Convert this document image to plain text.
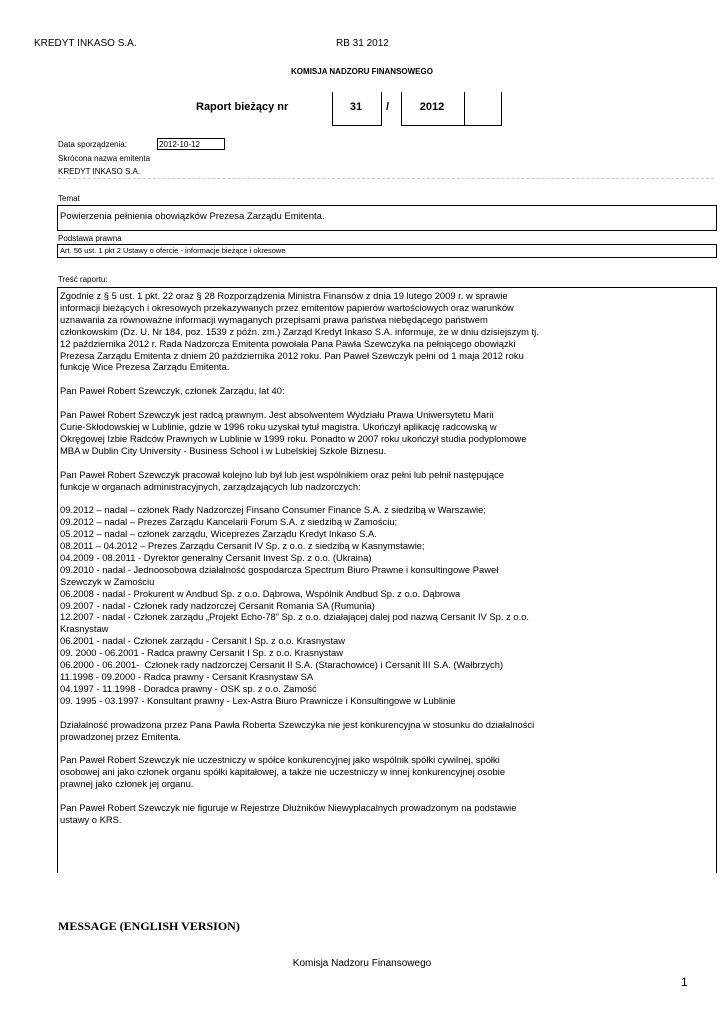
KREDYT INKASO S.A.	RB 31 2012
KOMISJA NADZORU FINANSOWEGO
Raport bieżący nr	31	/	2012
Data sporządzenia:	2012-10-12
Skrócona nazwa emitenta
KREDYT INKASO S.A.
Temat
Powierzenia pełnienia obowiązków Prezesa Zarządu Emitenta.
Podstawa prawna
Art. 56 ust. 1 pkt 2 Ustawy o ofercie - informacje bieżące i okresowe
Treść raportu:
Zgodnie z § 5 ust. 1 pkt. 22 oraz § 28 Rozporządzenia Ministra Finansów z dnia 19 lutego 2009 r. w sprawie
informacji bieżących i okresowych przekazywanych przez emitentów papierów wartościowych oraz warunków
uznawania za równoważne informacji wymaganych przepisami prawa państwa niebędącego państwem
członkowskim (Dz. U. Nr 184, poz. 1539 z późn. zm.) Zarząd Kredyt Inkaso S.A. informuje, że w dniu dzisiejszym tj.
12 października 2012 r. Rada Nadzorcza Emitenta powołała Pana Pawła Szewczyka na pełniącego obowiązki
Prezesa Zarządu Emitenta z dniem 20 października 2012 roku. Pan Paweł Szewczyk pełni od 1 maja 2012 roku
funkcję Wice Prezesa Zarządu Emitenta.

Pan Paweł Robert Szewczyk, członek Zarządu, lat 40:

Pan Paweł Robert Szewczyk jest radcą prawnym. Jest absolwentem Wydziału Prawa Uniwersytetu Marii
Curie-Skłodowskiej w Lublinie, gdzie w 1996 roku uzyskał tytuł magistra. Ukończył aplikację radcowską w
Okręgowej Izbie Radców Prawnych w Lublinie w 1999 roku. Ponadto w 2007 roku ukończył studia podyplomowe
MBA w Dublin City University - Business School i w Lubelskiej Szkole Biznesu.

Pan Paweł Robert Szewczyk pracował kolejno lub był lub jest wspólnikiem oraz pełni lub pełnił następujące
funkcje w organach administracyjnych, zarządzających lub nadzorczych:

09.2012 – nadal – członek Rady Nadzorczej Finsano Consumer Finance S.A. z siedzibą w Warszawie;
09.2012 – nadal – Prezes Zarządu Kancelarii Forum S.A. z siedzibą w Zamościu;
05.2012 – nadal – członek zarządu, Wiceprezes Zarządu Kredyt Inkaso S.A.
08.2011 – 04.2012 – Prezes Zarządu Cersanit IV Sp. z o.o. z siedzibą w Kasnymstawie;
04.2009 - 08.2011 - Dyrektor generalny Cersanit Invest Sp. z o.o. (Ukraina)
09.2010 - nadal - Jednoosobowa działalność gospodarcza Spectrum Biuro Prawne i konsultingowe Paweł
Szewczyk w Zamościu
06.2008 - nadal - Prokurent w Andbud Sp. z o.o. Dąbrowa, Wspólnik Andbud Sp. z o.o. Dąbrowa
09.2007 - nadal - Członek rady nadzorczej Cersanit Romania SA (Rumunia)
12.2007 - nadal - Członek zarządu „Projekt Echo-78” Sp. z o.o. działającej dalej pod nazwą Cersanit IV Sp. z o.o.
Krasnystaw
06.2001 - nadal - Członek zarządu - Cersanit I Sp. z o.o. Krasnystaw
09. 2000 - 06.2001 - Radca prawny Cersanit I Sp. z o.o. Krasnystaw
06.2000 - 06.2001-  Członek rady nadzorczej Cersanit II S.A. (Starachowice) i Cersanit III S.A. (Wałbrzych)
11.1998 - 09.2000 - Radca prawny - Cersanit Krasnystaw SA
04.1997 - 11.1998 - Doradca prawny - OSK sp. z o.o. Zamość
09. 1995 - 03.1997 - Konsultant prawny - Lex-Astra Biuro Prawnicze i Konsultingowe w Lublinie

Działalność prowadzona przez Pana Pawła Roberta Szewczyka nie jest konkurencyjna w stosunku do działalności
prowadzonej przez Emitenta.

Pan Paweł Robert Szewczyk nie uczestniczy w spółce konkurencyjnej jako wspólnik spółki cywilnej, spółki
osobowej ani jako członek organu spółki kapitałowej, a także nie uczestniczy w innej konkurencyjnej osobie
prawnej jako członek jej organu.

Pan Paweł Robert Szewczyk nie figuruje w Rejestrze Dłużników Niewypłacalnych prowadzonym na podstawie
ustawy o KRS.
MESSAGE (ENGLISH VERSION)
Komisja Nadzoru Finansowego
1
